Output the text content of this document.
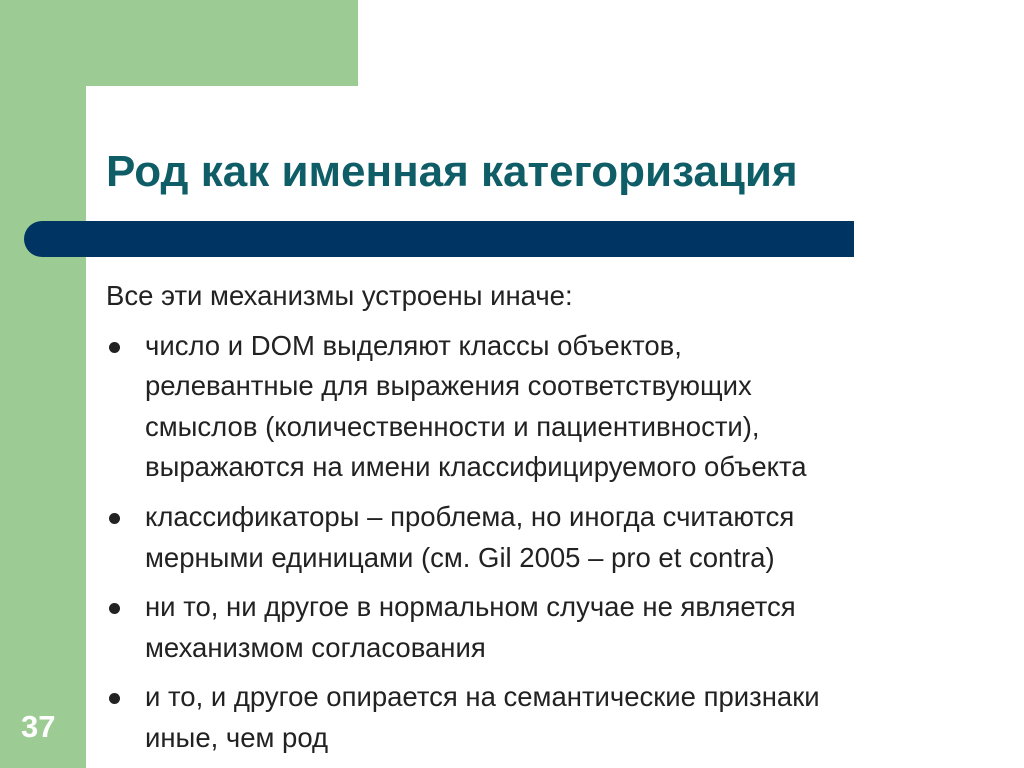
Род как именная категоризация

Все эти механизмы устроены иначе:

число и DOM выделяют классы объектов,
релевантные для выражения соответствующих
смыслов (количественности и пациентивности),
выражаются на имени классифицируемого объекта
классификаторы – проблема, но иногда считаются
мерными единицами (см. Gil 2005 – pro et contra)
ни то, ни другое в нормальном случае не является
механизмом согласования
и то, и другое опирается на семантические признаки
иные, чем род
37
